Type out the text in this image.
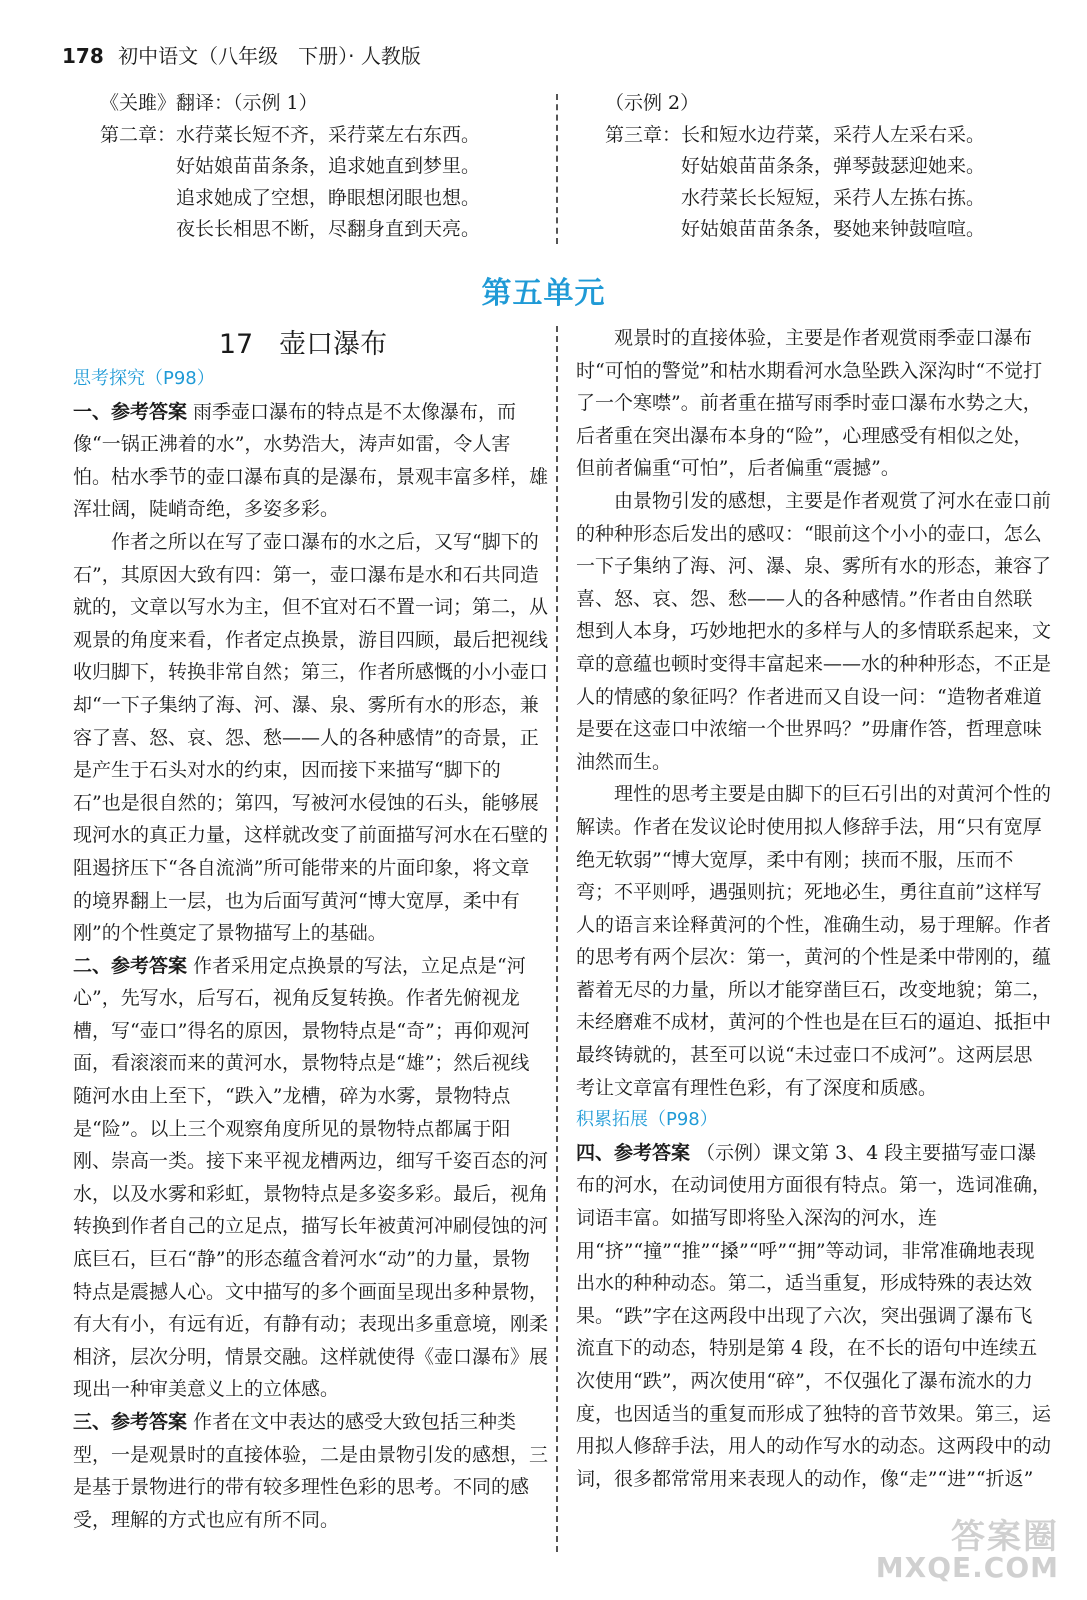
178 初中语文（八年级　下册）· 人教版
《关雎》翻译：（示例 1）
第二章：水荇菜长短不齐，采荇菜左右东西。
　　　　好姑娘苗苗条条，追求她直到梦里。
　　　　追求她成了空想，睁眼想闭眼也想。
　　　　夜长长相思不断，尽翻身直到天亮。
（示例 2）
第三章：长和短水边荇菜，采荇人左采右采。
　　　　好姑娘苗苗条条，弹琴鼓瑟迎她来。
　　　　水荇菜长长短短，采荇人左拣右拣。
　　　　好姑娘苗苗条条，娶她来钟鼓喧喧。
第五单元
17 壶口瀑布

思考探究（P98）

一、参考答案 雨季壶口瀑布的特点是不太像瀑布，而像“一锅正沸着的水”，水势浩大，涛声如雷，令人害怕。枯水季节的壶口瀑布真的是瀑布，景观丰富多样，雄浑壮阔，陡峭奇绝，多姿多彩。

作者之所以在写了壶口瀑布的水之后，又写“脚下的石”，其原因大致有四：第一，壶口瀑布是水和石共同造就的，文章以写水为主，但不宜对石不置一词；第二，从观景的角度来看，作者定点换景，游目四顾，最后把视线收归脚下，转换非常自然；第三，作者所感慨的小小壶口却“一下子集纳了海、河、瀑、泉、雾所有水的形态，兼容了喜、怒、哀、怨、愁——人的各种感情”的奇景，正是产生于石头对水的约束，因而接下来描写“脚下的石”也是很自然的；第四，写被河水侵蚀的石头，能够展现河水的真正力量，这样就改变了前面描写河水在石壁的阻遏挤压下“各自流淌”所可能带来的片面印象，将文章的境界翻上一层，也为后面写黄河“博大宽厚，柔中有刚”的个性奠定了景物描写上的基础。

二、参考答案 作者采用定点换景的写法，立足点是“河心”，先写水，后写石，视角反复转换。作者先俯视龙槽，写“壶口”得名的原因，景物特点是“奇”；再仰观河面，看滚滚而来的黄河水，景物特点是“雄”；然后视线随河水由上至下，“跌入”龙槽，碎为水雾，景物特点是“险”。以上三个观察角度所见的景物特点都属于阳刚、崇高一类。接下来平视龙槽两边，细写千姿百态的河水，以及水雾和彩虹，景物特点是多姿多彩。最后，视角转换到作者自己的立足点，描写长年被黄河冲刷侵蚀的河底巨石，巨石“静”的形态蕴含着河水“动”的力量，景物特点是震撼人心。文中描写的多个画面呈现出多种景物，有大有小，有远有近，有静有动；表现出多重意境，刚柔相济，层次分明，情景交融。这样就使得《壶口瀑布》展现出一种审美意义上的立体感。

三、参考答案 作者在文中表达的感受大致包括三种类型，一是观景时的直接体验，二是由景物引发的感想，三是基于景物进行的带有较多理性色彩的思考。不同的感受，理解的方式也应有所不同。

观景时的直接体验，主要是作者观赏雨季壶口瀑布时“可怕的警觉”和枯水期看河水急坠跌入深沟时“不觉打了一个寒噤”。前者重在描写雨季时壶口瀑布水势之大，后者重在突出瀑布本身的“险”，心理感受有相似之处，但前者偏重“可怕”，后者偏重“震撼”。

由景物引发的感想，主要是作者观赏了河水在壶口前的种种形态后发出的感叹：“眼前这个小小的壶口，怎么一下子集纳了海、河、瀑、泉、雾所有水的形态，兼容了喜、怒、哀、怨、愁——人的各种感情。”作者由自然联想到人本身，巧妙地把水的多样与人的多情联系起来，文章的意蕴也顿时变得丰富起来——水的种种形态，不正是人的情感的象征吗？作者进而又自设一问：“造物者难道是要在这壶口中浓缩一个世界吗？”毋庸作答，哲理意味油然而生。

理性的思考主要是由脚下的巨石引出的对黄河个性的解读。作者在发议论时使用拟人修辞手法，用“只有宽厚绝无软弱”“博大宽厚，柔中有刚；挟而不服，压而不弯；不平则呼，遇强则抗；死地必生，勇往直前”这样写人的语言来诠释黄河的个性，准确生动，易于理解。作者的思考有两个层次：第一，黄河的个性是柔中带刚的，蕴蓄着无尽的力量，所以才能穿凿巨石，改变地貌；第二，未经磨难不成材，黄河的个性也是在巨石的逼迫、抵拒中最终铸就的，甚至可以说“未过壶口不成河”。这两层思考让文章富有理性色彩，有了深度和质感。

积累拓展（P98）

四、参考答案 （示例）课文第 3、4 段主要描写壶口瀑布的河水，在动词使用方面很有特点。第一，选词准确，词语丰富。如描写即将坠入深沟的河水，连用“挤”“撞”“推”“搡”“呼”“拥”等动词，非常准确地表现出水的种种动态。第二，适当重复，形成特殊的表达效果。“跌”字在这两段中出现了六次，突出强调了瀑布飞流直下的动态，特别是第 4 段，在不长的语句中连续五次使用“跌”，两次使用“碎”，不仅强化了瀑布流水的力度，也因适当的重复而形成了独特的音节效果。第三，运用拟人修辞手法，用人的动作写水的动态。这两段中的动词，很多都常常用来表现人的动作，像“走”“进”“折返”

答案圈
MXQE.COM
